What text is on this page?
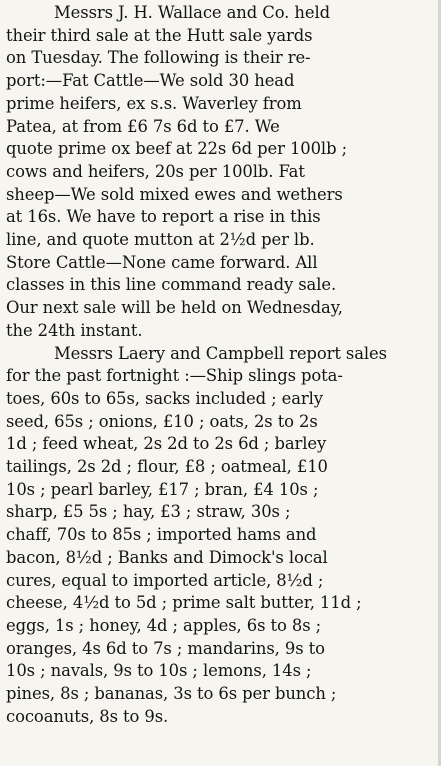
Messrs J. H. Wallace and Co. held
their third sale at the Hutt sale yards
on Tuesday. The following is their re-
port:—Fat Cattle—We sold 30 head
prime heifers, ex s.s. Waverley from
Patea, at from £6 7s 6d to £7. We
quote prime ox beef at 22s 6d per 100lb ;
cows and heifers, 20s per 100lb. Fat
sheep—We sold mixed ewes and wethers
at 16s. We have to report a rise in this
line, and quote mutton at 2½d per lb.
Store Cattle—None came forward. All
classes in this line command ready sale.
Our next sale will be held on Wednesday,
the 24th instant.
Messrs Laery and Campbell report sales
for the past fortnight :—Ship slings pota-
toes, 60s to 65s, sacks included ; early
seed, 65s ; onions, £10 ; oats, 2s to 2s
1d ; feed wheat, 2s 2d to 2s 6d ; barley
tailings, 2s 2d ; flour, £8 ; oatmeal, £10
10s ; pearl barley, £17 ; bran, £4 10s ;
sharp, £5 5s ; hay, £3 ; straw, 30s ;
chaff, 70s to 85s ; imported hams and
bacon, 8½d ; Banks and Dimock's local
cures, equal to imported article, 8½d ;
cheese, 4½d to 5d ; prime salt butter, 11d ;
eggs, 1s ; honey, 4d ; apples, 6s to 8s ;
oranges, 4s 6d to 7s ; mandarins, 9s to
10s ; navals, 9s to 10s ; lemons, 14s ;
pines, 8s ; bananas, 3s to 6s per bunch ;
cocoanuts, 8s to 9s.
